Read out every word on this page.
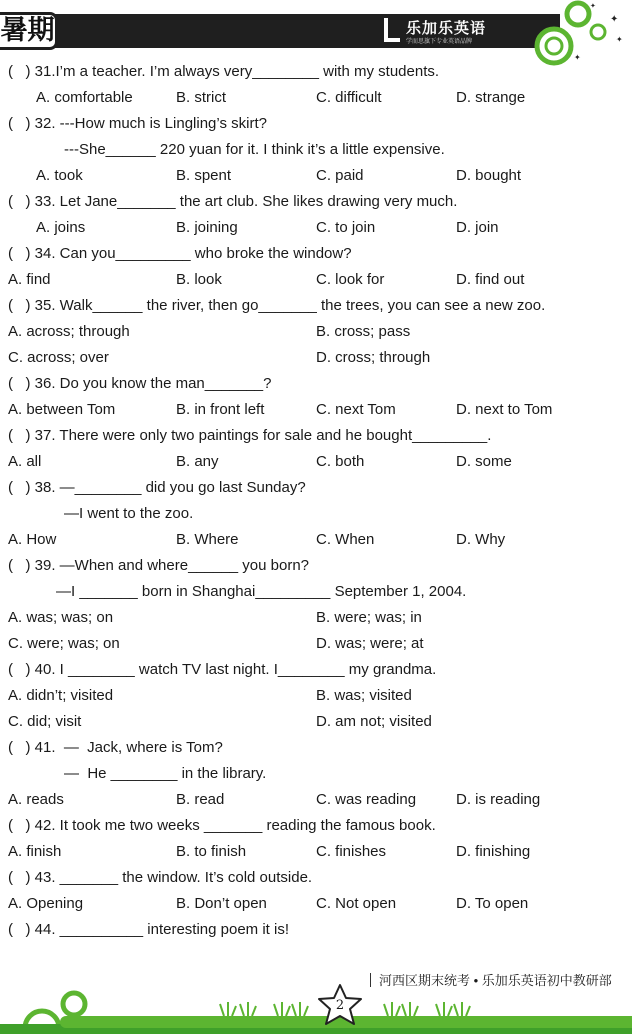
暑期	乐加乐英语
学而思旗下专业英语品牌
✦
✦
✦
✦
(   ) 31.I’m a teacher. I’m always very________ with my students.
A. comfortable	B. strict	C. difficult	D. strange
(   ) 32. ---How much is Lingling’s skirt?
---She______ 220 yuan for it. I think it’s a little expensive.
A. took	B. spent	C. paid	D. bought
(   ) 33. Let Jane_______ the art club. She likes drawing very much.
A. joins	B. joining	C. to join	D. join
(   ) 34. Can you_________ who broke the window?
A. find	B. look	C. look for	D. find out
(   ) 35. Walk______ the river, then go_______ the trees, you can see a new zoo.
A. across; through	B. cross; pass
C. across; over	D. cross; through
(   ) 36. Do you know the man_______?
A. between Tom	B. in front left	C. next Tom	D. next to Tom
(   ) 37. There were only two paintings for sale and he bought_________.
A. all	B. any	C. both	D. some
(   ) 38. —________ did you go last Sunday?
—I went to the zoo.
A. How	B. Where	C. When	D. Why
(   ) 39. —When and where______ you born?
—I _______ born in Shanghai_________ September 1, 2004.
A. was; was; on	B. were; was; in
C. were; was; on	D. was; were; at
(   ) 40. I ________ watch TV last night. I________ my grandma.
A. didn’t; visited	B. was; visited
C. did; visit	D. am not; visited
(   ) 41.  —  Jack, where is Tom?
—  He ________ in the library.
A. reads	B. read	C. was reading	D. is reading
(   ) 42. It took me two weeks _______ reading the famous book.
A. finish	B. to finish	C. finishes	D. finishing
(   ) 43. _______ the window. It’s cold outside.
A. Opening	B. Don’t open	C. Not open	D. To open
(   ) 44. __________ interesting poem it is!
河西区期末统考 • 乐加乐英语初中教研部
2
